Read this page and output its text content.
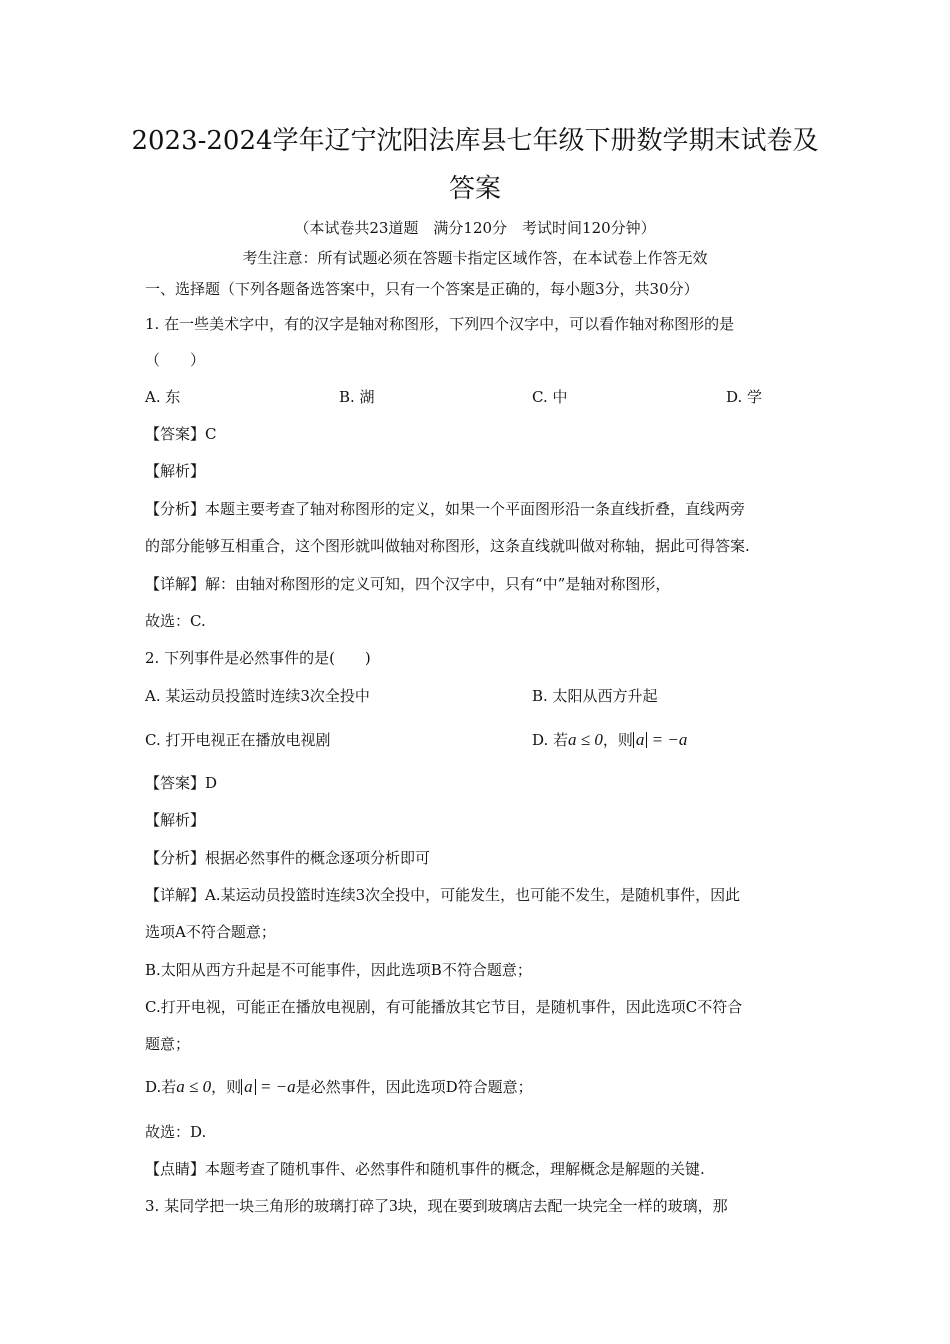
2023-2024学年辽宁沈阳法库县七年级下册数学期末试卷及
答案
（本试卷共23道题　满分120分　考试时间120分钟）
考生注意：所有试题必须在答题卡指定区域作答，在本试卷上作答无效
一、选择题（下列各题备选答案中，只有一个答案是正确的，每小题3分，共30分）
1. 在一些美术字中，有的汉字是轴对称图形，下列四个汉字中，可以看作轴对称图形的是
（　　）
A. 东	B. 湖	C. 中	D. 学
【答案】C
【解析】
【分析】本题主要考查了轴对称图形的定义，如果一个平面图形沿一条直线折叠，直线两旁
的部分能够互相重合，这个图形就叫做轴对称图形，这条直线就叫做对称轴，据此可得答案.
【详解】解：由轴对称图形的定义可知，四个汉字中，只有“中”是轴对称图形，
故选：C.
2. 下列事件是必然事件的是(　　)
A. 某运动员投篮时连续3次全投中	B. 太阳从西方升起
C. 打开电视正在播放电视剧	D. 若a ≤ 0，则 a = −a
【答案】D
【解析】
【分析】根据必然事件的概念逐项分析即可
【详解】A.某运动员投篮时连续3次全投中，可能发生，也可能不发生，是随机事件，因此
选项A不符合题意；
B.太阳从西方升起是不可能事件，因此选项B不符合题意；
C.打开电视，可能正在播放电视剧，有可能播放其它节目，是随机事件，因此选项C不符合
题意；
D.若a ≤ 0，则 a = −a是必然事件，因此选项D符合题意；
故选：D.
【点睛】本题考查了随机事件、必然事件和随机事件的概念，理解概念是解题的关键.
3. 某同学把一块三角形的玻璃打碎了3块，现在要到玻璃店去配一块完全一样的玻璃，那
